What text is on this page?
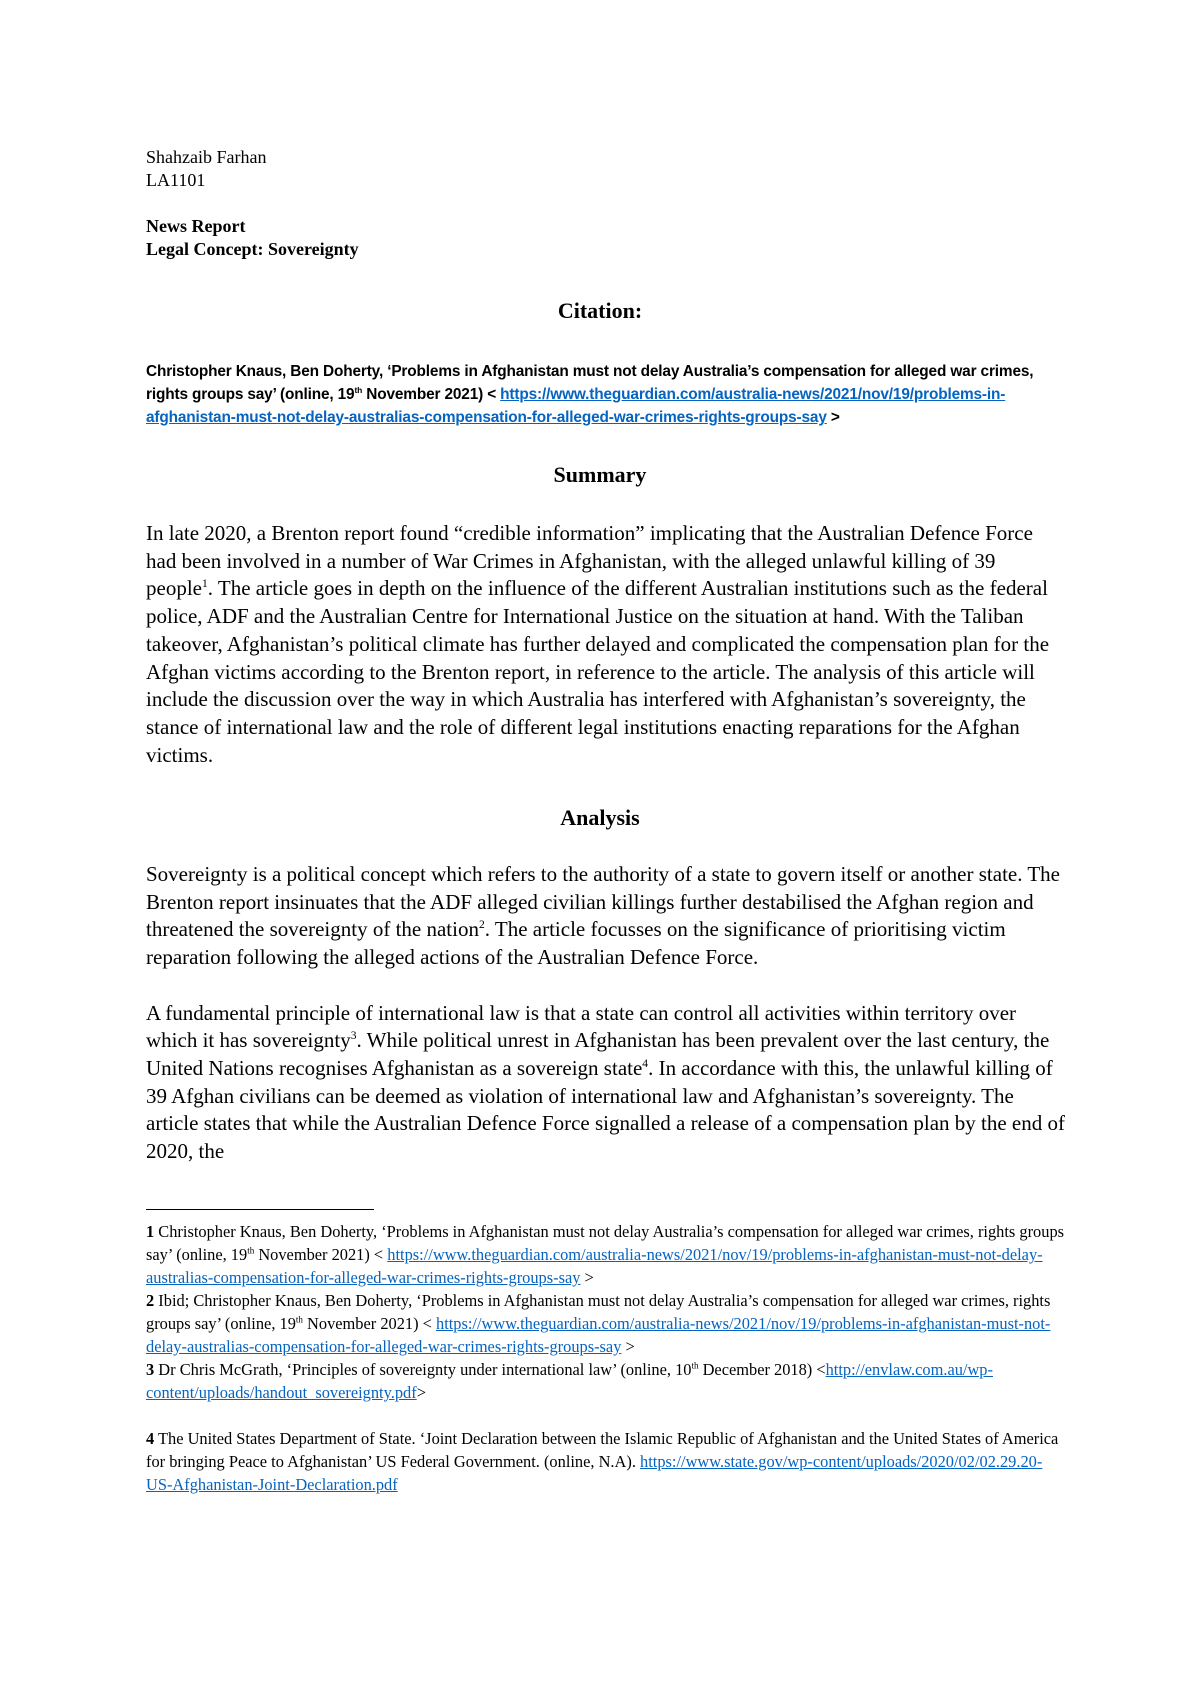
Shahzaib Farhan
LA1101
News Report
Legal Concept: Sovereignty
Citation:
Christopher Knaus, Ben Doherty, ‘Problems in Afghanistan must not delay Australia’s compensation for alleged war crimes, rights groups say’ (online, 19th November 2021) < https://www.theguardian.com/australia-news/2021/nov/19/problems-in-afghanistan-must-not-delay-australias-compensation-for-alleged-war-crimes-rights-groups-say >
Summary

In late 2020, a Brenton report found “credible information” implicating that the Australian Defence Force had been involved in a number of War Crimes in Afghanistan, with the alleged unlawful killing of 39 people$^1$. The article goes in depth on the influence of the different Australian institutions such as the federal police, ADF and the Australian Centre for International Justice on the situation at hand. With the Taliban takeover, Afghanistan’s political climate has further delayed and complicated the compensation plan for the Afghan victims according to the Brenton report, in reference to the article. The analysis of this article will include the discussion over the way in which Australia has interfered with Afghanistan’s sovereignty, the stance of international law and the role of different legal institutions enacting reparations for the Afghan victims.

Analysis

Sovereignty is a political concept which refers to the authority of a state to govern itself or another state. The Brenton report insinuates that the ADF alleged civilian killings further destabilised the Afghan region and threatened the sovereignty of the nation$^2$. The article focusses on the significance of prioritising victim reparation following the alleged actions of the Australian Defence Force.

A fundamental principle of international law is that a state can control all activities within territory over which it has sovereignty$^3$. While political unrest in Afghanistan has been prevalent over the last century, the United Nations recognises Afghanistan as a sovereign state$^4$. In accordance with this, the unlawful killing of 39 Afghan civilians can be deemed as violation of international law and Afghanistan’s sovereignty. The article states that while the Australian Defence Force signalled a release of a compensation plan by the end of 2020, the

1 Christopher Knaus, Ben Doherty, ‘Problems in Afghanistan must not delay Australia’s compensation for alleged war crimes, rights groups say’ (online, 19th November 2021) < https://www.theguardian.com/australia-news/2021/nov/19/problems-in-afghanistan-must-not-delay-australias-compensation-for-alleged-war-crimes-rights-groups-say >

2 Ibid; Christopher Knaus, Ben Doherty, ‘Problems in Afghanistan must not delay Australia’s compensation for alleged war crimes, rights groups say’ (online, 19th November 2021) < https://www.theguardian.com/australia-news/2021/nov/19/problems-in-afghanistan-must-not-delay-australias-compensation-for-alleged-war-crimes-rights-groups-say >

3 Dr Chris McGrath, ‘Principles of sovereignty under international law’ (online, 10th December 2018) <http://envlaw.com.au/wp-content/uploads/handout_sovereignty.pdf>

4 The United States Department of State. ‘Joint Declaration between the Islamic Republic of Afghanistan and the United States of America for bringing Peace to Afghanistan’ US Federal Government. (online, N.A). https://www.state.gov/wp-content/uploads/2020/02/02.29.20-US-Afghanistan-Joint-Declaration.pdf
